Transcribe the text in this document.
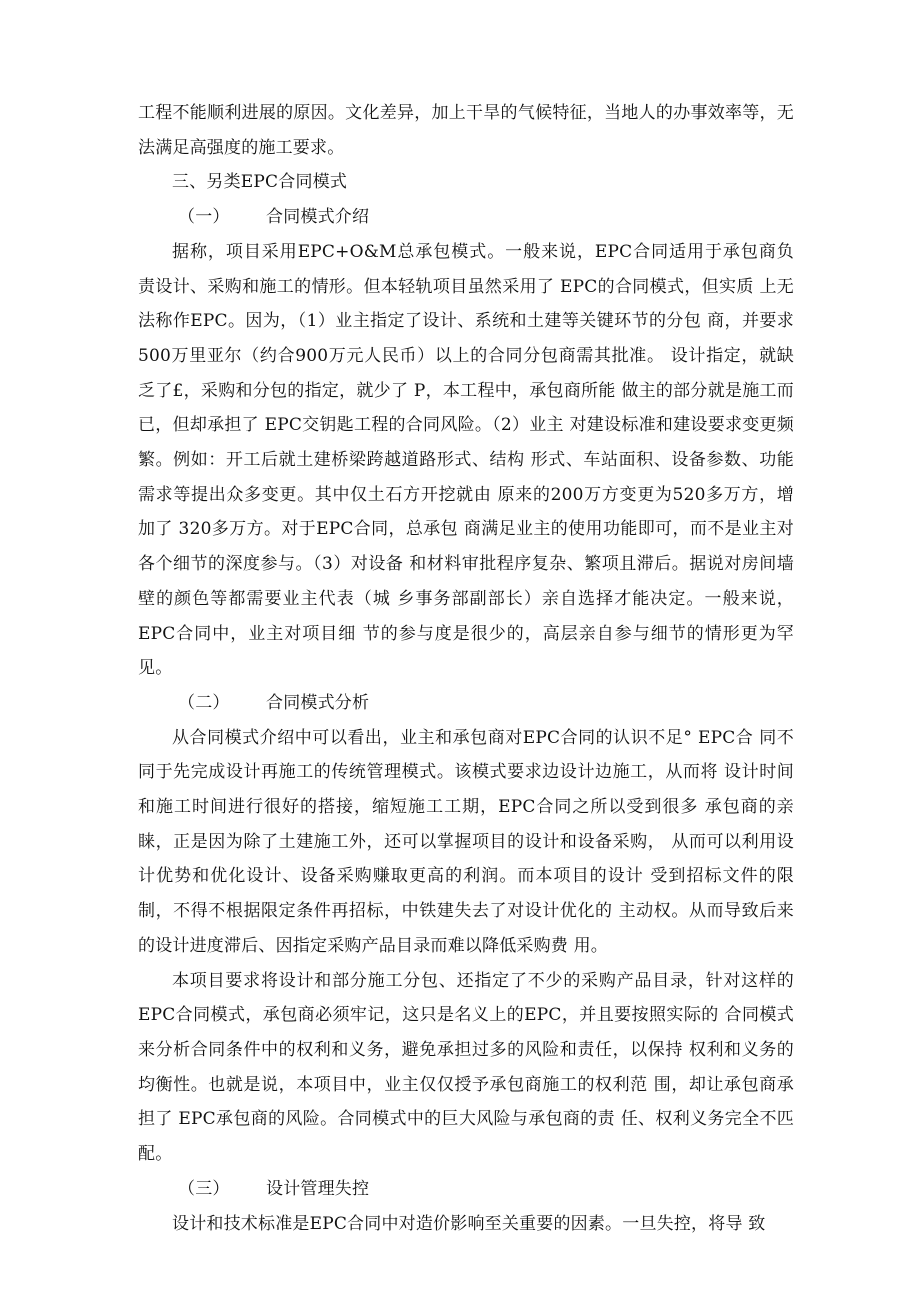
工程不能顺利进展的原因。文化差异，加上干旱的气候特征，当地人的办事效率等，无法满足高强度的施工要求。

三、另类EPC合同模式

（一） 合同模式介绍

据称，项目采用EPC+O&M总承包模式。一般来说，EPC合同适用于承包商负 责设计、采购和施工的情形。但本轻轨项目虽然采用了 EPC的合同模式，但实质 上无法称作EPC。因为，（1）业主指定了设计、系统和土建等关键环节的分包 商，并要求500万里亚尔（约合900万元人民币）以上的合同分包商需其批准。 设计指定，就缺乏了£，采购和分包的指定，就少了 P，本工程中，承包商所能 做主的部分就是施工而已，但却承担了 EPC交钥匙工程的合同风险。（2）业主 对建设标准和建设要求变更频繁。例如：开工后就土建桥梁跨越道路形式、结构 形式、车站面积、设备参数、功能需求等提出众多变更。其中仅土石方开挖就由 原来的200万方变更为520多万方，增加了 320多万方。对于EPC合同，总承包 商满足业主的使用功能即可，而不是业主对各个细节的深度参与。（3）对设备 和材料审批程序复杂、繁项且滞后。据说对房间墙壁的颜色等都需要业主代表（城 乡事务部副部长）亲自选择才能决定。一般来说，EPC合同中，业主对项目细 节的参与度是很少的，高层亲自参与细节的情形更为罕见。

（二） 合同模式分析

从合同模式介绍中可以看出，业主和承包商对EPC合同的认识不足° EPC合 同不同于先完成设计再施工的传统管理模式。该模式要求边设计边施工，从而将 设计时间和施工时间进行很好的搭接，缩短施工工期，EPC合同之所以受到很多 承包商的亲睐，正是因为除了土建施工外，还可以掌握项目的设计和设备采购， 从而可以利用设计优势和优化设计、设备采购赚取更高的利润。而本项目的设计 受到招标文件的限制，不得不根据限定条件再招标，中铁建失去了对设计优化的 主动权。从而导致后来的设计进度滞后、因指定采购产品目录而难以降低采购费 用。

本项目要求将设计和部分施工分包、还指定了不少的采购产品目录，针对这样的EPC合同模式，承包商必须牢记，这只是名义上的EPC，并且要按照实际的 合同模式来分析合同条件中的权利和义务，避免承担过多的风险和责任，以保持 权利和义务的均衡性。也就是说，本项目中，业主仅仅授予承包商施工的权利范 围，却让承包商承担了 EPC承包商的风险。合同模式中的巨大风险与承包商的责 任、权利义务完全不匹配。

（三） 设计管理失控

设计和技术标准是EPC合同中对造价影响至关重要的因素。一旦失控，将导 致
